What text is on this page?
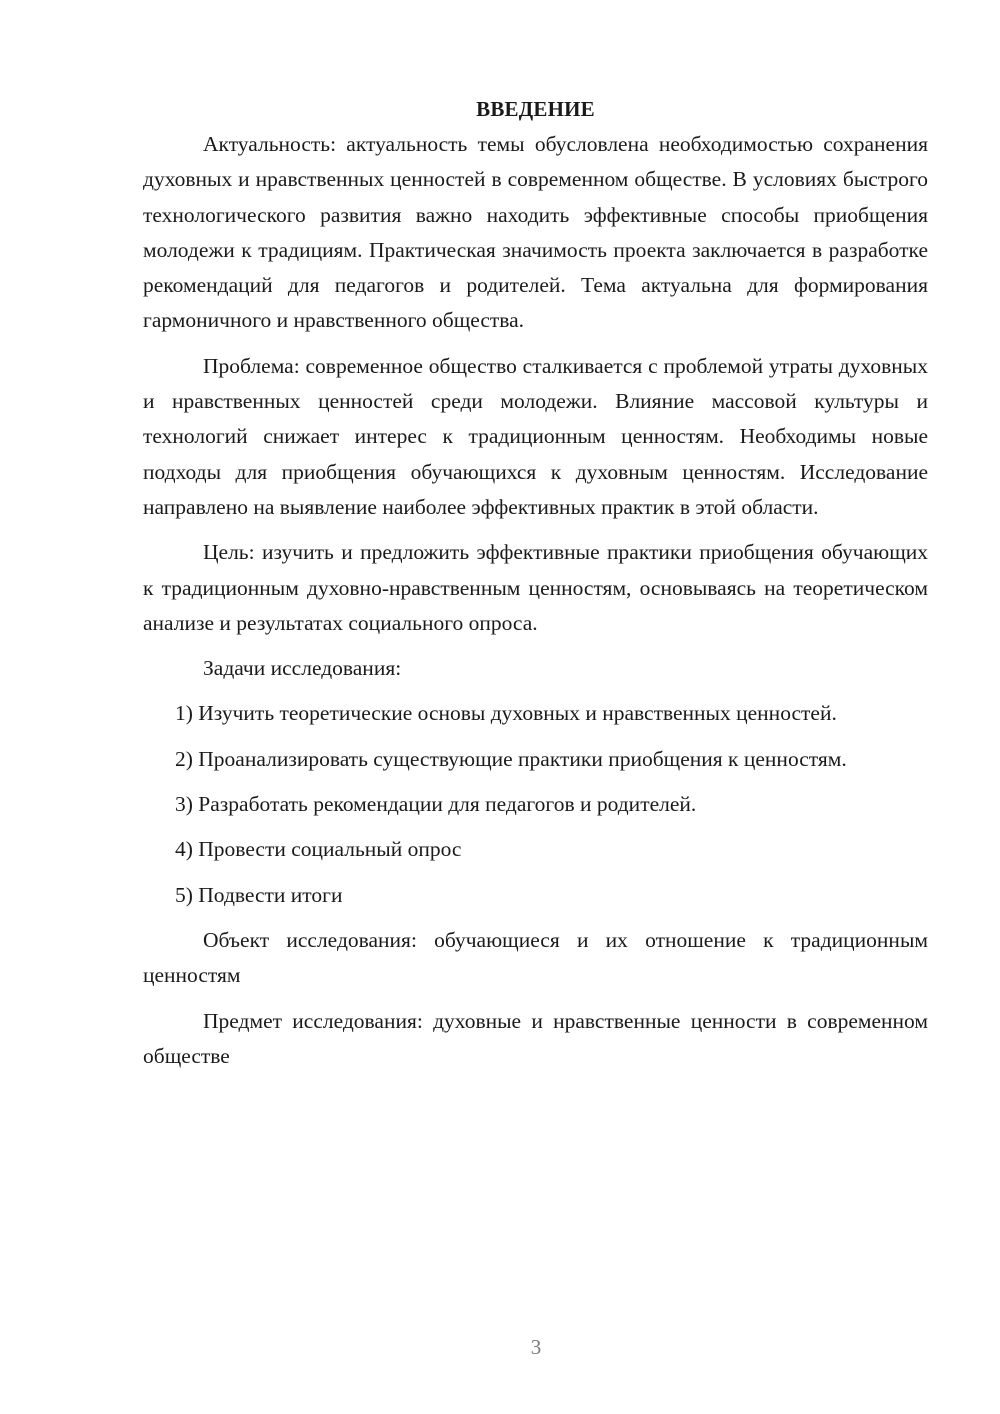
ВВЕДЕНИЕ

Актуальность: актуальность темы обусловлена необходимостью сохранения духовных и нравственных ценностей в современном обществе. В условиях быстрого технологического развития важно находить эффективные способы приобщения молодежи к традициям. Практическая значимость проекта заключается в разработке рекомендаций для педагогов и родителей. Тема актуальна для формирования гармоничного и нравственного общества.

Проблема: современное общество сталкивается с проблемой утраты духовных и нравственных ценностей среди молодежи. Влияние массовой культуры и технологий снижает интерес к традиционным ценностям. Необходимы новые подходы для приобщения обучающихся к духовным ценностям. Исследование направлено на выявление наиболее эффективных практик в этой области.

Цель: изучить и предложить эффективные практики приобщения обучающих к традиционным духовно-нравственным ценностям, основываясь на теоретическом анализе и результатах социального опроса.

Задачи исследования:

1) Изучить теоретические основы духовных и нравственных ценностей.

2) Проанализировать существующие практики приобщения к ценностям.

3) Разработать рекомендации для педагогов и родителей.

4) Провести социальный опрос

5) Подвести итоги

Объект исследования: обучающиеся и их отношение к традиционным ценностям

Предмет исследования: духовные и нравственные ценности в современном обществе

3
